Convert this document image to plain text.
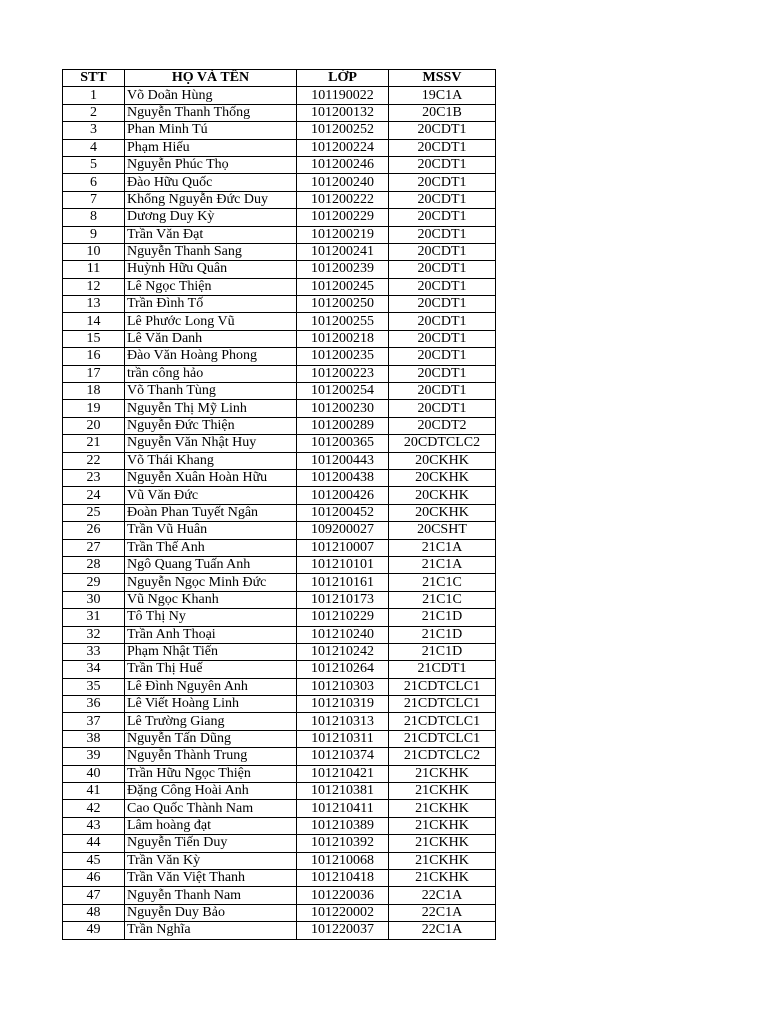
STT	HỌ VÀ TÊN	LỚP	MSSV
1	Võ Doãn Hùng	101190022	19C1A
2	Nguyễn Thanh Thống	101200132	20C1B
3	Phan Minh Tú	101200252	20CDT1
4	Phạm Hiếu	101200224	20CDT1
5	Nguyễn Phúc Thọ	101200246	20CDT1
6	Đào Hữu Quốc	101200240	20CDT1
7	Khổng Nguyễn Đức Duy	101200222	20CDT1
8	Dương Duy Kỳ	101200229	20CDT1
9	Trần Văn Đạt	101200219	20CDT1
10	Nguyễn Thanh Sang	101200241	20CDT1
11	Huỳnh Hữu Quân	101200239	20CDT1
12	Lê Ngọc Thiện	101200245	20CDT1
13	Trần Đình Tố	101200250	20CDT1
14	Lê Phước Long Vũ	101200255	20CDT1
15	Lê Văn Danh	101200218	20CDT1
16	Đào Văn Hoàng Phong	101200235	20CDT1
17	trần công hảo	101200223	20CDT1
18	Võ Thanh Tùng	101200254	20CDT1
19	Nguyễn Thị Mỹ Linh	101200230	20CDT1
20	Nguyễn Đức Thiện	101200289	20CDT2
21	Nguyễn Văn Nhật Huy	101200365	20CDTCLC2
22	Võ Thái Khang	101200443	20CKHK
23	Nguyễn Xuân Hoàn Hữu	101200438	20CKHK
24	Vũ Văn Đức	101200426	20CKHK
25	Đoàn Phan Tuyết Ngân	101200452	20CKHK
26	Trần Vũ Huân	109200027	20CSHT
27	Trần Thế Anh	101210007	21C1A
28	Ngô Quang Tuấn Anh	101210101	21C1A
29	Nguyễn Ngọc Minh Đức	101210161	21C1C
30	Vũ Ngọc Khanh	101210173	21C1C
31	Tô Thị Ny	101210229	21C1D
32	Trần Anh Thoại	101210240	21C1D
33	Phạm Nhật Tiến	101210242	21C1D
34	Trần Thị Huế	101210264	21CDT1
35	Lê Đình Nguyên Anh	101210303	21CDTCLC1
36	Lê Viết Hoàng Linh	101210319	21CDTCLC1
37	Lê Trường Giang	101210313	21CDTCLC1
38	Nguyễn Tấn Dũng	101210311	21CDTCLC1
39	Nguyễn Thành Trung	101210374	21CDTCLC2
40	Trần Hữu Ngọc Thiện	101210421	21CKHK
41	Đặng Công Hoài Anh	101210381	21CKHK
42	Cao Quốc Thành Nam	101210411	21CKHK
43	Lâm hoàng đạt	101210389	21CKHK
44	Nguyễn Tiến Duy	101210392	21CKHK
45	Trần Văn Kỳ	101210068	21CKHK
46	Trần Văn Việt Thanh	101210418	21CKHK
47	Nguyễn Thanh Nam	101220036	22C1A
48	Nguyễn Duy Bảo	101220002	22C1A
49	Trần Nghĩa	101220037	22C1A
